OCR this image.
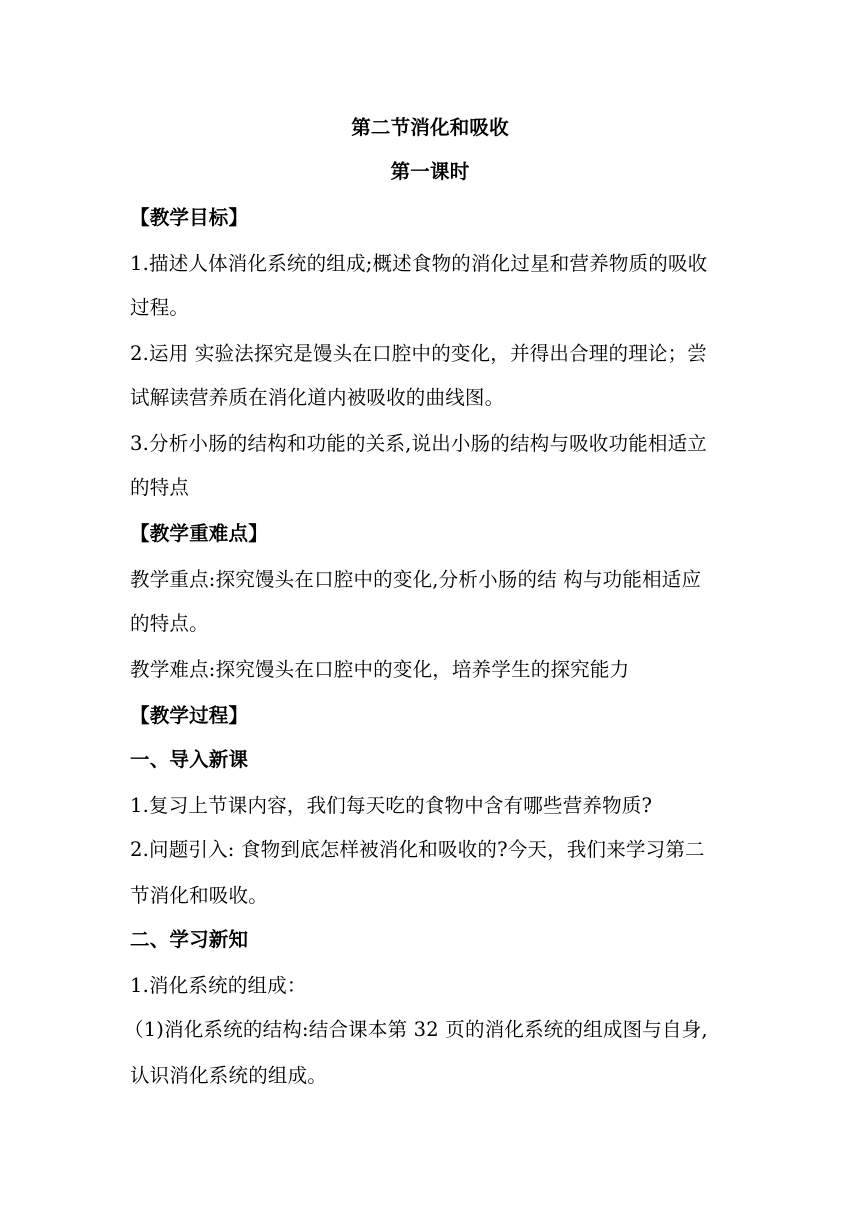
第二节消化和吸收
第一课时
【教学目标】
1.描述人体消化系统的组成;概述食物的消化过星和营养物质的吸收
过程。
2.运用 实验法探究是馒头在口腔中的变化，并得出合理的理论；尝
试解读营养质在消化道内被吸收的曲线图。
3.分析小肠的结构和功能的关系,说出小肠的结构与吸收功能相适立
的特点
【教学重难点】
教学重点:探究馒头在口腔中的变化,分析小肠的结 构与功能相适应
的特点。
教学难点:探究馒头在口腔中的变化，培养学生的探究能力
【教学过程】
一、导入新课
1.复习上节课内容，我们每天吃的食物中含有哪些营养物质?
2.问题引入: 食物到底怎样被消化和吸收的?今天，我们来学习第二
节消化和吸收。
二、学习新知
1.消化系统的组成：
（1)消化系统的结构:结合课本第 32 页的消化系统的组成图与自身,
认识消化系统的组成。
